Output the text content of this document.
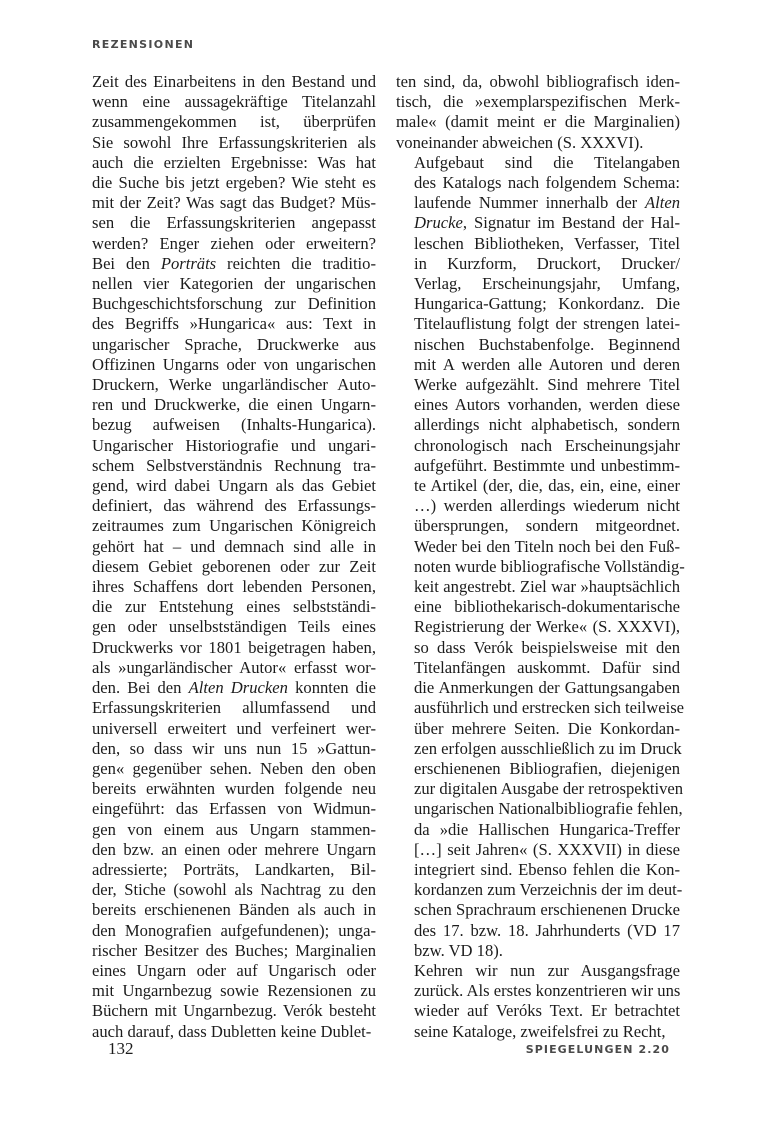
REZENSIONEN

Zeit des Einarbeitens in den Bestand und
wenn eine aussagekräftige Titelanzahl
zusammengekommen ist, überprüfen
Sie sowohl Ihre Erfassungskriterien als
auch die erzielten Ergebnisse: Was hat
die Suche bis jetzt ergeben? Wie steht es
mit der Zeit? Was sagt das Budget? Müs-
sen die Erfassungskriterien angepasst
werden? Enger ziehen oder erweitern?
Bei den Porträts reichten die traditio-
nellen vier Kategorien der ungarischen
Buchgeschichtsforschung zur Definition
des Begriffs »Hungarica« aus: Text in
ungarischer Sprache, Druckwerke aus
Offizinen Ungarns oder von ungarischen
Druckern, Werke ungarländischer Auto-
ren und Druckwerke, die einen Ungarn-
bezug aufweisen (Inhalts-Hungarica).
Ungarischer Historiografie und ungari-
schem Selbstverständnis Rechnung tra-
gend, wird dabei Ungarn als das Gebiet
definiert, das während des Erfassungs-
zeitraumes zum Ungarischen Königreich
gehört hat – und demnach sind alle in
diesem Gebiet geborenen oder zur Zeit
ihres Schaffens dort lebenden Personen,
die zur Entstehung eines selbstständi-
gen oder unselbstständigen Teils eines
Druckwerks vor 1801 beigetragen haben,
als »ungarländischer Autor« erfasst wor-
den. Bei den Alten Drucken konnten die
Erfassungskriterien allumfassend und
universell erweitert und verfeinert wer-
den, so dass wir uns nun 15 »Gattun-
gen« gegenüber sehen. Neben den oben
bereits erwähnten wurden folgende neu
eingeführt: das Erfassen von Widmun-
gen von einem aus Ungarn stammen-
den bzw. an einen oder mehrere Ungarn
adressierte; Porträts, Landkarten, Bil-
der, Stiche (sowohl als Nachtrag zu den
bereits erschienenen Bänden als auch in
den Monografien aufgefundenen); unga-
rischer Besitzer des Buches; Marginalien
eines Ungarn oder auf Ungarisch oder
mit Ungarnbezug sowie Rezensionen zu
Büchern mit Ungarnbezug. Verók besteht
auch darauf, dass Dubletten keine Dublet-

ten sind, da, obwohl bibliografisch iden-
tisch, die »exemplarspezifischen Merk-
male« (damit meint er die Marginalien)
voneinander abweichen (S. XXXVI).

Aufgebaut sind die Titelangaben
des Katalogs nach folgendem Schema:
laufende Nummer innerhalb der Alten
Drucke, Signatur im Bestand der Hal-
leschen Bibliotheken, Verfasser, Titel
in Kurzform, Druckort, Drucker/
Verlag, Erscheinungsjahr, Umfang,
Hungarica-Gattung; Konkordanz. Die
Titelauflistung folgt der strengen latei-
nischen Buchstabenfolge. Beginnend
mit A werden alle Autoren und deren
Werke aufgezählt. Sind mehrere Titel
eines Autors vorhanden, werden diese
allerdings nicht alphabetisch, sondern
chronologisch nach Erscheinungsjahr
aufgeführt. Bestimmte und unbestimm-
te Artikel (der, die, das, ein, eine, einer
…) werden allerdings wiederum nicht
übersprungen, sondern mitgeordnet.
Weder bei den Titeln noch bei den Fuß-
noten wurde bibliografische Vollständig-
keit angestrebt. Ziel war »hauptsächlich
eine bibliothekarisch-dokumentarische
Registrierung der Werke« (S. XXXVI),
so dass Verók beispielsweise mit den
Titelanfängen auskommt. Dafür sind
die Anmerkungen der Gattungsangaben
ausführlich und erstrecken sich teilweise
über mehrere Seiten. Die Konkordan-
zen erfolgen ausschließlich zu im Druck
erschienenen Bibliografien, diejenigen
zur digitalen Ausgabe der retrospektiven
ungarischen Nationalbibliografie fehlen,
da »die Hallischen Hungarica-Treffer
[…] seit Jahren« (S. XXXVII) in diese
integriert sind. Ebenso fehlen die Kon-
kordanzen zum Verzeichnis der im deut-
schen Sprachraum erschienenen Drucke
des 17. bzw. 18. Jahrhunderts (VD 17
bzw. VD 18).

Kehren wir nun zur Ausgangsfrage
zurück. Als erstes konzentrieren wir uns
wieder auf Veróks Text. Er betrachtet
seine Kataloge, zweifelsfrei zu Recht,

132	SPIEGELUNGEN 2.20
